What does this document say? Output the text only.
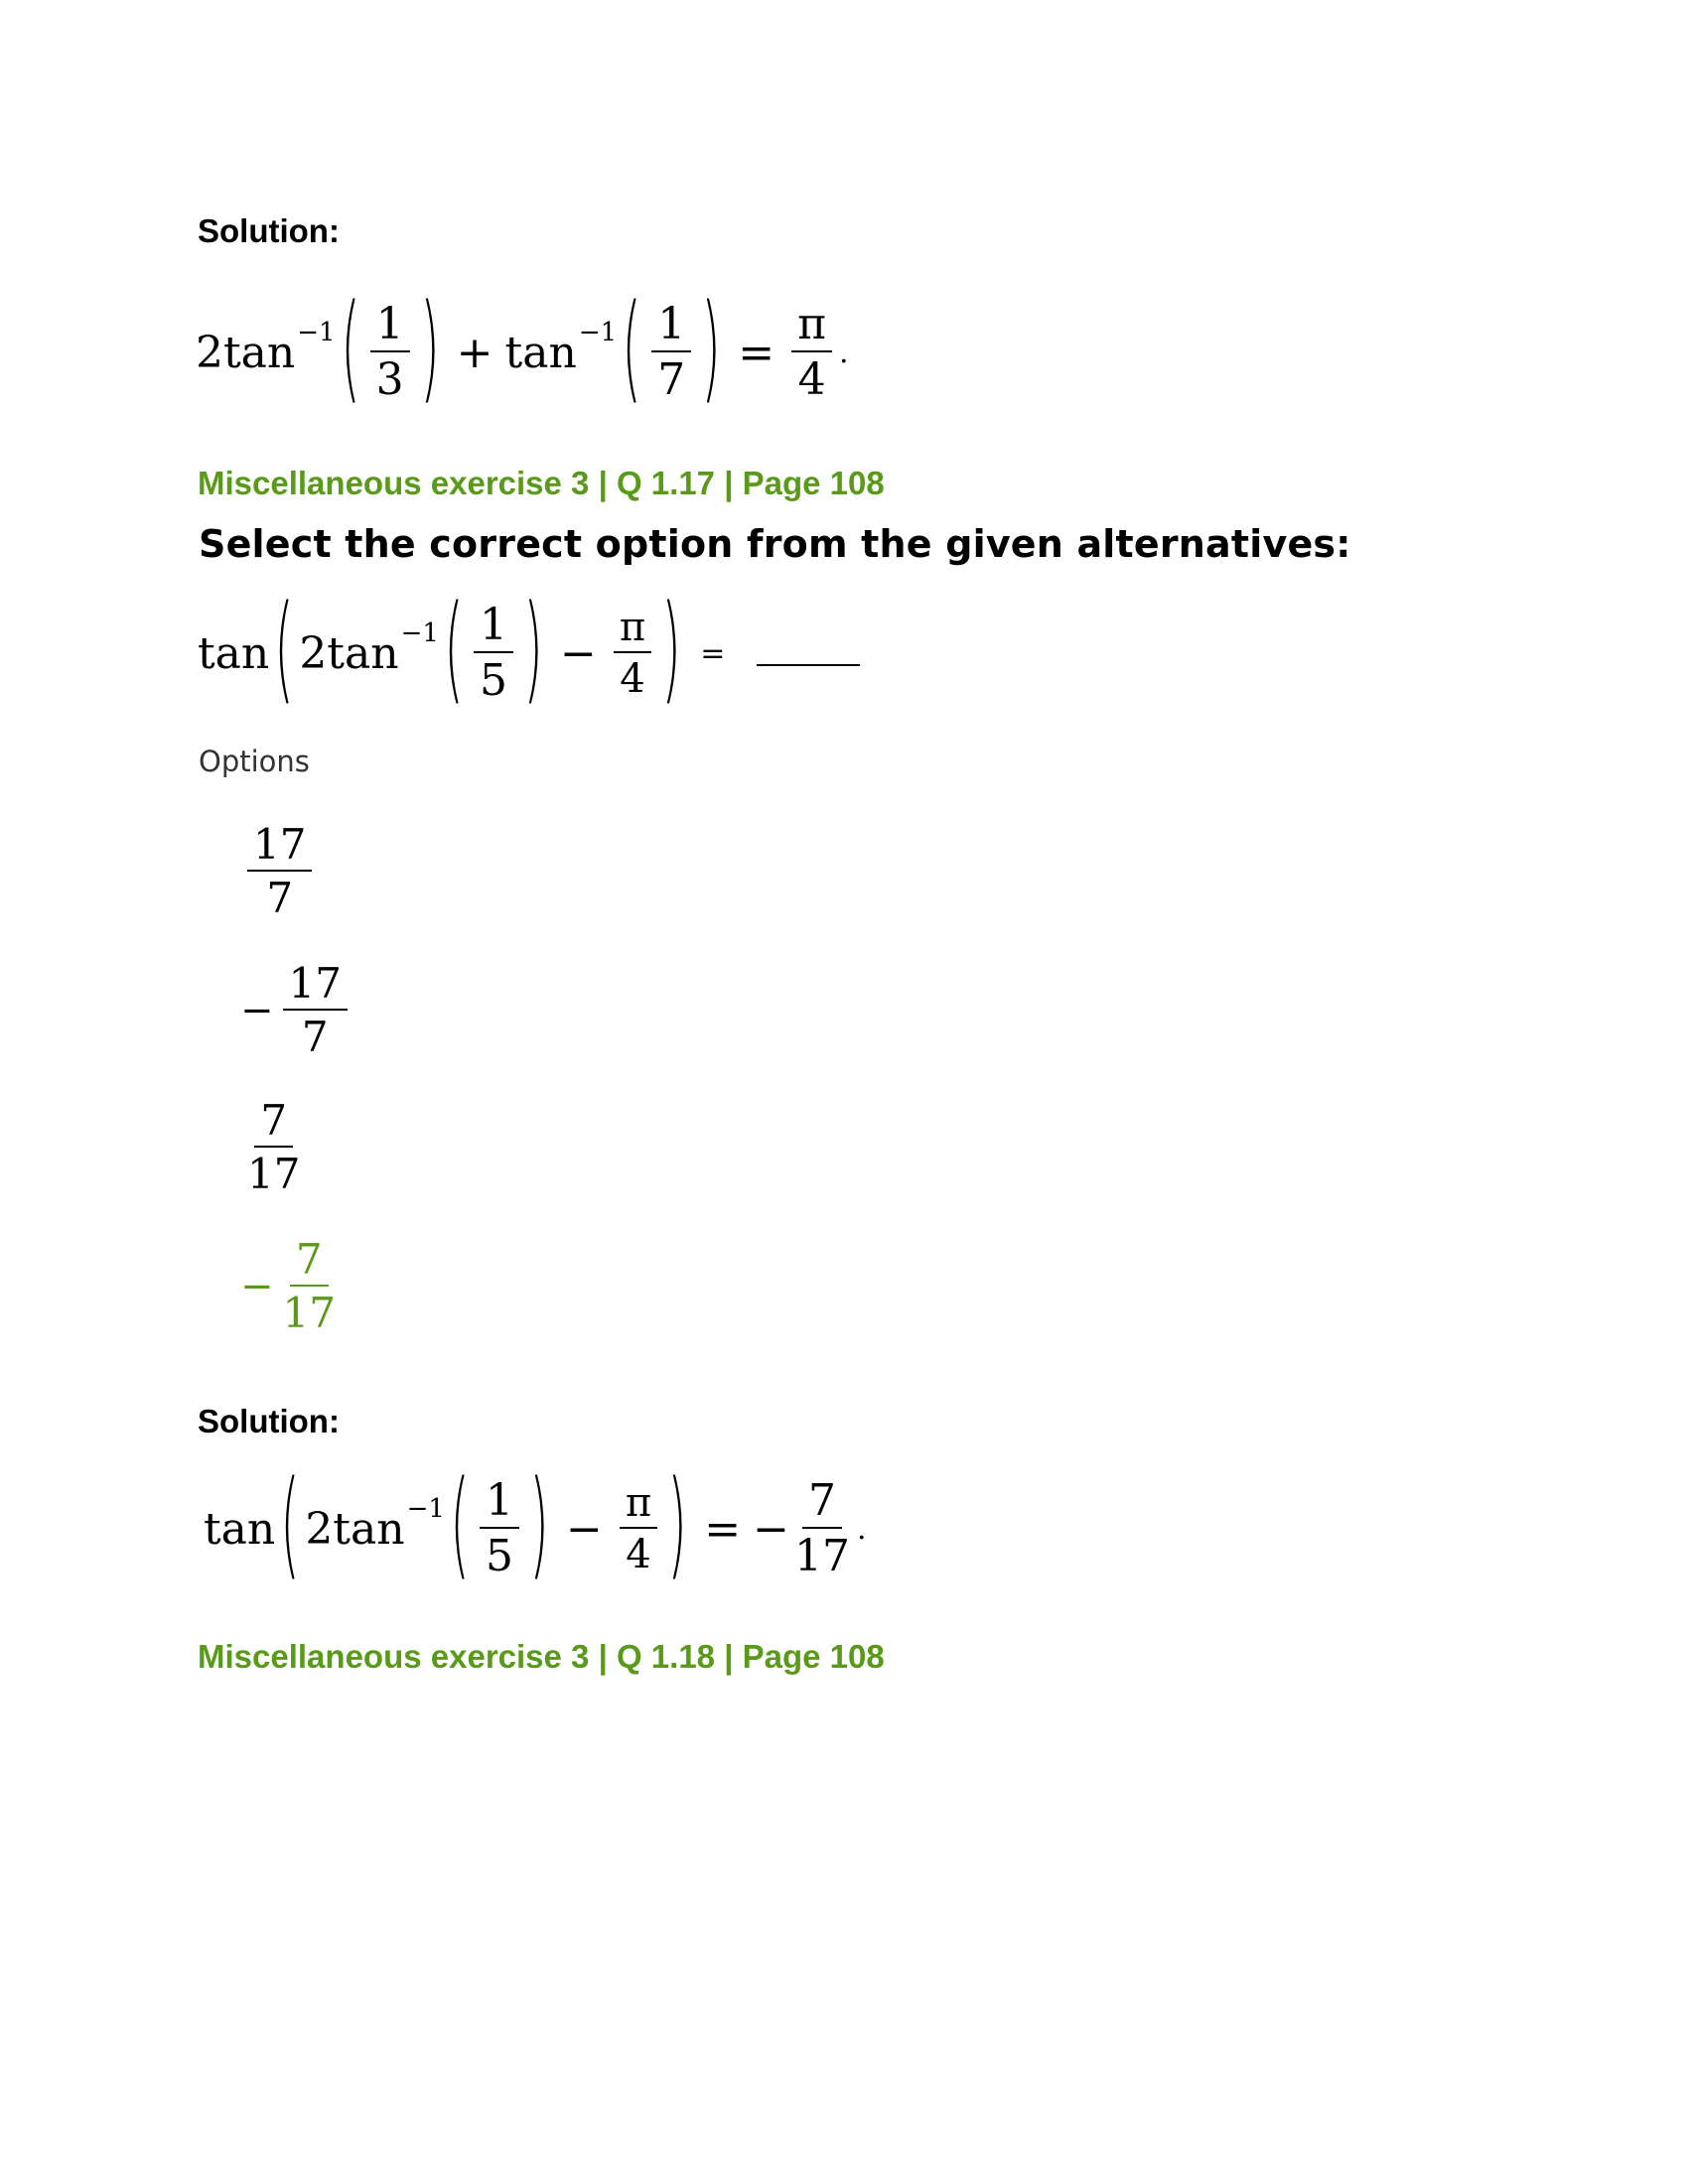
Solution:
2tan −1 ( $\frac{1}{3}$ ) + tan −1 ( $\frac{1}{7}$ ) = $\frac{\pi}{4}$ .
Miscellaneous exercise 3 | Q 1.17 | Page 108
Select the correct option from the given alternatives:
tan ( 2tan −1 ( $\frac{1}{5}$ ) − $\frac{\pi}{4}$ ) =
Options
$\frac{17}{7}$
− $\frac{17}{7}$
$\frac{7}{17}$
− $\frac{7}{17}$
Solution:
tan ( 2tan −1 ( $\frac{1}{5}$ ) − $\frac{\pi}{4}$ ) = − $\frac{7}{17}$ .
Miscellaneous exercise 3 | Q 1.18 | Page 108
